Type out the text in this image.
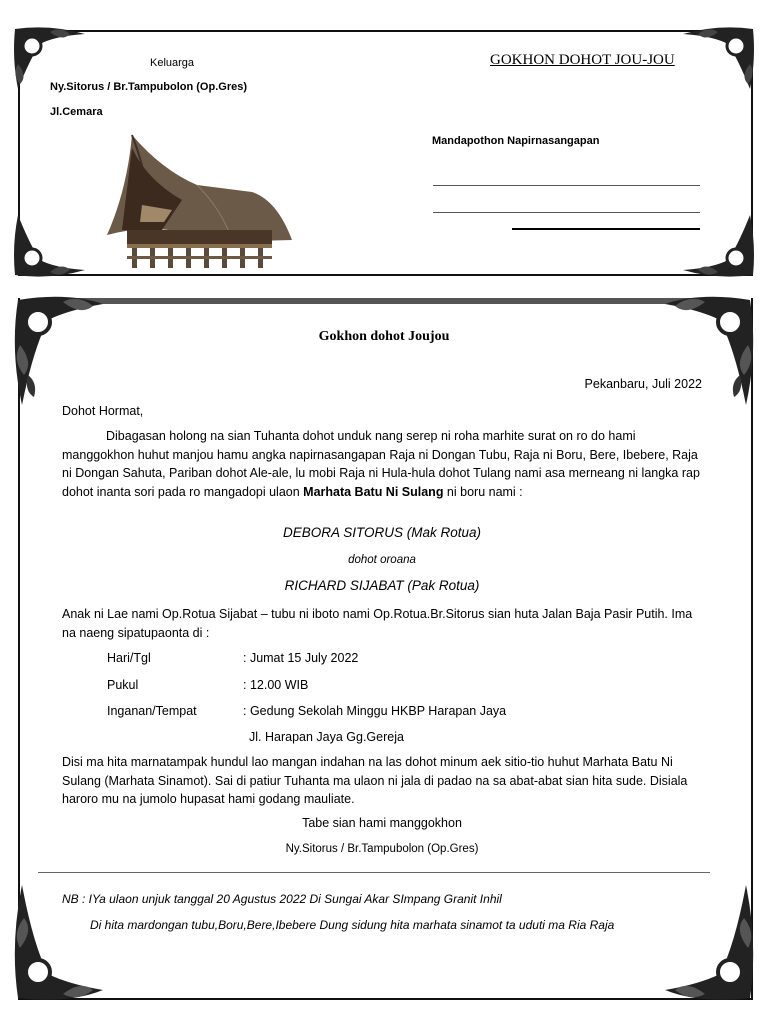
Keluarga
Ny.Sitorus / Br.Tampubolon (Op.Gres)
Jl.Cemara
GOKHON DOHOT JOU-JOU
Mandapothon Napirnasangapan
Gokhon dohot Joujou
Pekanbaru, Juli 2022
Dohot Hormat,
Dibagasan holong na sian Tuhanta dohot unduk nang serep ni roha marhite surat on ro do hami manggokhon huhut manjou hamu angka napirnasangapan Raja ni Dongan Tubu, Raja ni Boru, Bere, Ibebere, Raja ni Dongan Sahuta, Pariban dohot Ale-ale, lu mobi Raja ni Hula-hula dohot Tulang nami asa merneang ni langka rap dohot inanta sori pada ro mangadopi ulaon Marhata Batu Ni Sulang ni boru nami :
DEBORA SITORUS (Mak Rotua)
dohot oroana
RICHARD SIJABAT (Pak Rotua)
Anak ni Lae nami Op.Rotua Sijabat – tubu ni iboto nami Op.Rotua.Br.Sitorus sian huta Jalan Baja Pasir Putih. Ima na naeng sipatupaonta di :
Hari/Tgl	: Jumat 15 July 2022
Pukul	: 12.00 WIB
Inganan/Tempat	: Gedung Sekolah Minggu HKBP Harapan Jaya
Jl. Harapan Jaya Gg.Gereja
Disi ma hita marnatampak hundul lao mangan indahan na las dohot minum aek sitio-tio huhut Marhata Batu Ni Sulang (Marhata Sinamot). Sai di patiur Tuhanta ma ulaon ni jala di padao na sa abat-abat sian hita sude. Disiala haroro mu na jumolo hupasat hami godang mauliate.
Tabe sian hami manggokhon
Ny.Sitorus / Br.Tampubolon (Op.Gres)
NB : IYa ulaon unjuk tanggal 20 Agustus 2022 Di Sungai Akar SImpang Granit Inhil
Di hita mardongan tubu,Boru,Bere,Ibebere Dung sidung hita marhata sinamot ta uduti ma Ria Raja
